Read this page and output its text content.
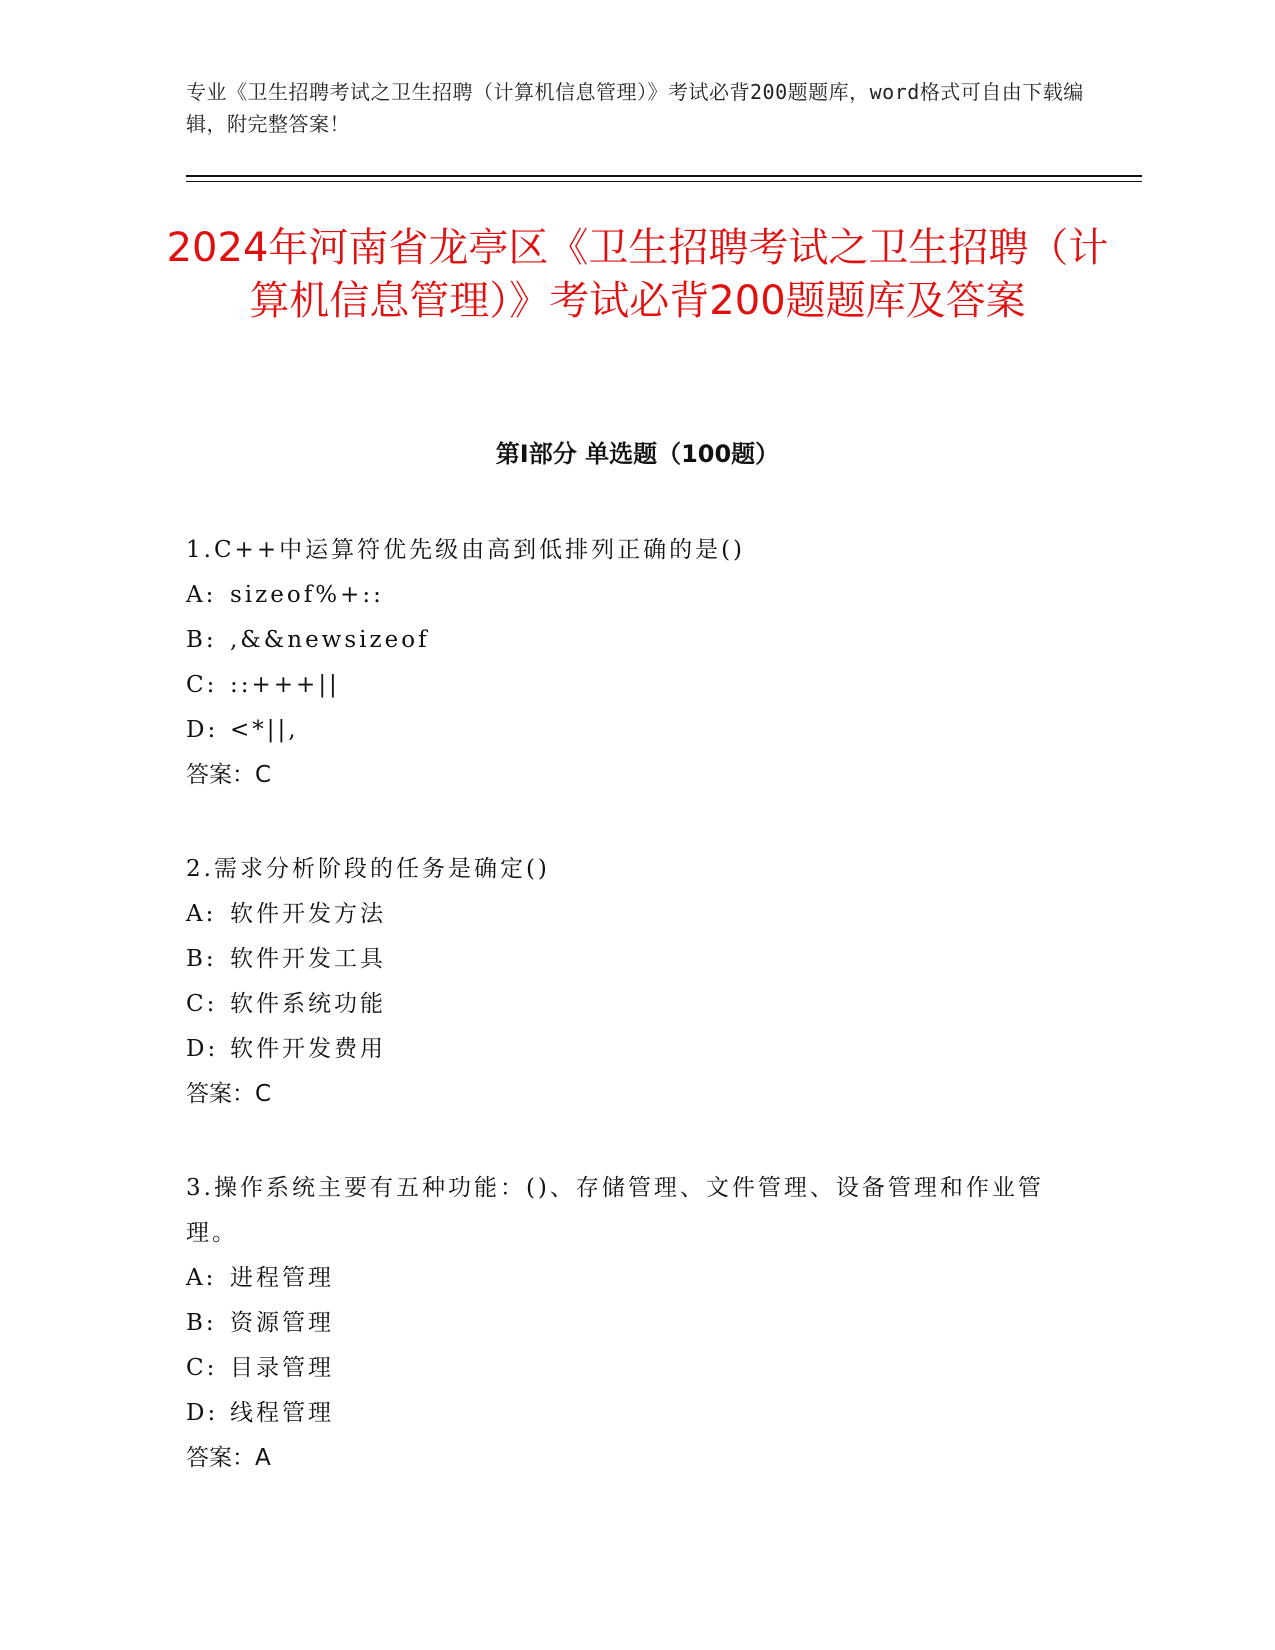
专业《卫生招聘考试之卫生招聘（计算机信息管理）》考试必背200题题库，word格式可自由下载编辑，附完整答案！
2024年河南省龙亭区《卫生招聘考试之卫生招聘（计算机信息管理）》考试必背200题题库及答案
第Ⅰ部分 单选题（100题）
1.C++中运算符优先级由高到低排列正确的是()
A: sizeof%+::
B: ,&&newsizeof
C: ::+++||
D: <*||,
答案：C
2.需求分析阶段的任务是确定()
A: 软件开发方法
B: 软件开发工具
C: 软件系统功能
D: 软件开发费用
答案：C
3.操作系统主要有五种功能：()、存储管理、文件管理、设备管理和作业管理。
A: 进程管理
B: 资源管理
C: 目录管理
D: 线程管理
答案：A
